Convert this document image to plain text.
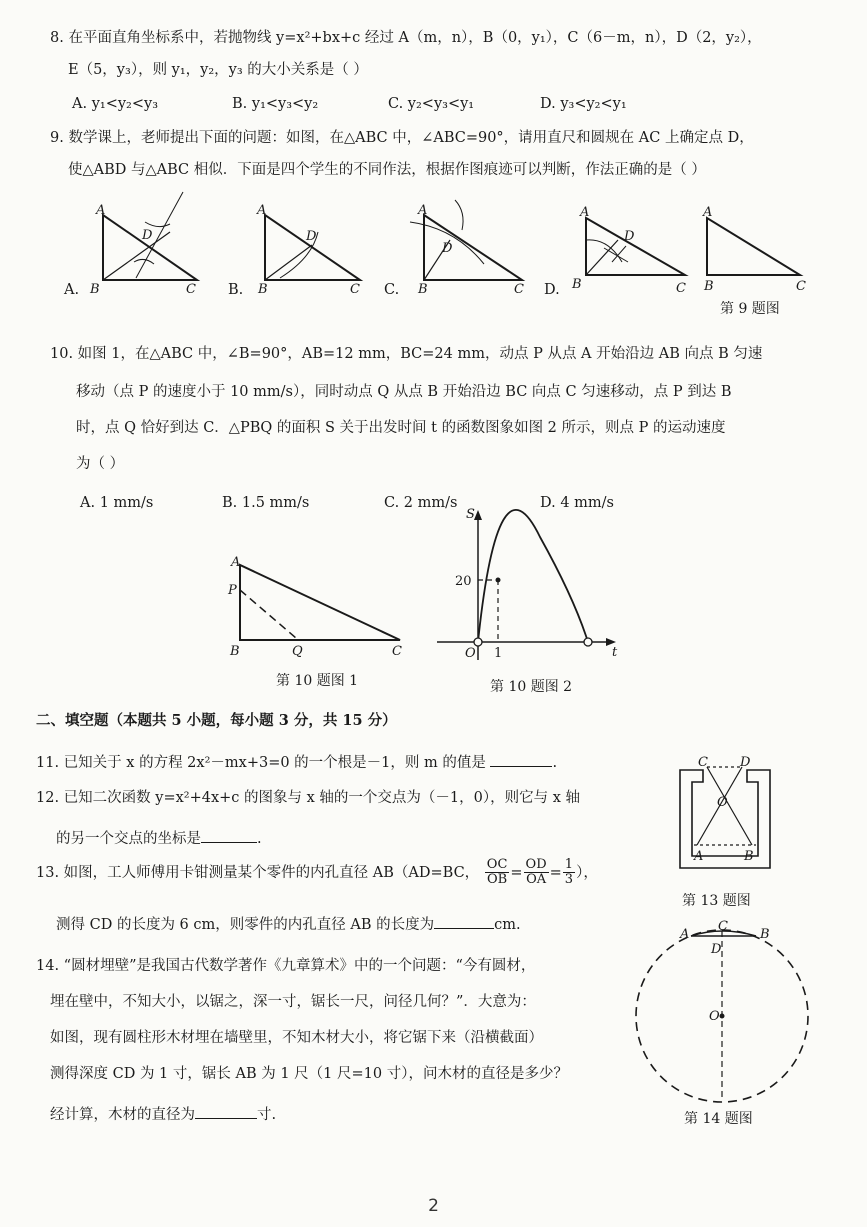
8. 在平面直角坐标系中，若抛物线 y=x²+bx+c 经过 A（m，n），B（0，y₁），C（6－m，n），D（2，y₂），
E（5，y₃），则 y₁，y₂，y₃ 的大小关系是（ ）
A. y₁<y₂<y₃	B. y₁<y₃<y₂	C. y₂<y₃<y₁	D. y₃<y₂<y₁
9. 数学课上，老师提出下面的问题：如图，在△ABC 中，∠ABC=90°，请用直尺和圆规在 AC 上确定点 D，
使△ABD 与△ABC 相似．下面是四个学生的不同作法，根据作图痕迹可以判断，作法正确的是（ ）
A.
A
D
B	C B.
A
D
B	C C.
A
D
B	C D.
A
D
B	C
A
B	C
第 9 题图
10. 如图 1，在△ABC 中，∠B=90°，AB=12 mm，BC=24 mm，动点 P 从点 A 开始沿边 AB 向点 B 匀速
移动（点 P 的速度小于 10 mm/s），同时动点 Q 从点 B 开始沿边 BC 向点 C 匀速移动，点 P 到达 B
时，点 Q 恰好到达 C．△PBQ 的面积 S 关于出发时间 t 的函数图象如图 2 所示，则点 P 的运动速度
为（ ）
A. 1 mm/s	B. 1.5 mm/s	C. 2 mm/s	D. 4 mm/s
A
P
B	Q	C
第 10 题图 1
S
t
O
20
1
第 10 题图 2
二、填空题（本题共 5 小题，每小题 3 分，共 15 分）
11. 已知关于 x 的方程 2x²－mx+3=0 的一个根是－1，则 m 的值是	.
12. 已知二次函数 y=x²+4x+c 的图象与 x 轴的一个交点为（－1，0），则它与 x 轴
的另一个交点的坐标是	.
13. 如图，工人师傅用卡钳测量某个零件的内孔直径 AB（AD=BC， $\frac{OC}{OB} = \frac{OD}{OA} = \frac{1}{3}$ ），
测得 CD 的长度为 6 cm，则零件的内孔直径 AB 的长度为	cm.
C D
O
A	B
第 13 题图
14. “圆材埋壁”是我国古代数学著作《九章算术》中的一个问题：“今有圆材，
埋在壁中，不知大小，以锯之，深一寸，锯长一尺，问径几何？”．大意为：
如图，现有圆柱形木材埋在墙壁里，不知木材大小，将它锯下来（沿横截面）
测得深度 CD 为 1 寸，锯长 AB 为 1 尺（1 尺=10 寸），问木材的直径是多少？
经计算，木材的直径为	寸.
A
C
B
D
O
第 14 题图
2
